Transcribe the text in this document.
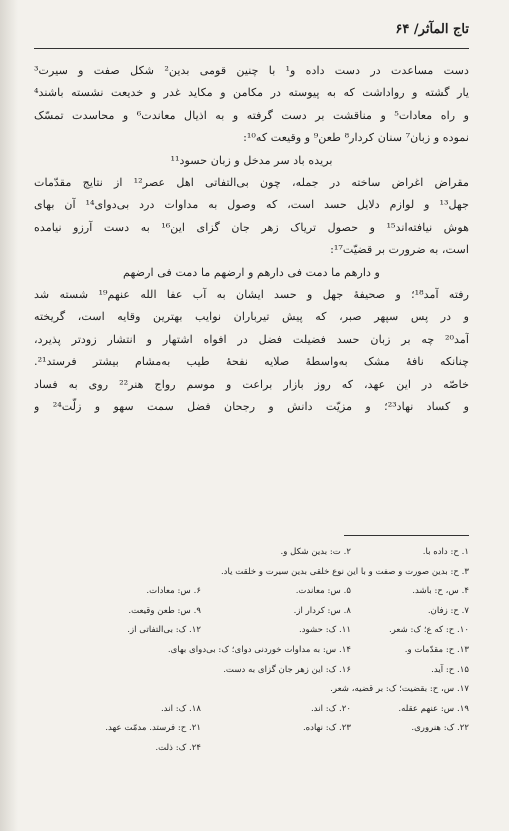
تاج المآثر/ ۶۴
دست مساعدت در دست داده و¹ با چنین قومی بدین² شکل صفت و سیرت³
یار گشته و رواداشت که به پیوسته در مکامن و مکاید غدر و خدیعت نشسته باشند⁴
و راه معادات⁵ و مناقشت بر دست گرفته و به اذیال معاندت⁶ و محاسدت تمسّک
نموده و زبان⁷ سنان کردار⁸ طعن⁹ و وقیعت که¹⁰:
بریده باد سر مدخل و زبان حسود¹¹
مقراض اغراض ساخته در جمله، چون بی‌التفاتی اهل عصر¹² از نتایج مقدّمات
جهل¹³ و لوازم دلایل حسد است، که وصول به مداوات درد بی‌دوای¹⁴ آن بهای
هوش نیافته‌اند¹⁵ و حصول تریاک زهر جان گزای این¹⁶ به دست آرزو نیامده
است، به ضرورت بر قضیّت¹⁷:
و دارهم ما دمت فی دارهم و ارضهم ما دمت فی ارضهم
رفته آمد¹⁸؛ و صحیفهٔ جهل و حسد ایشان به آب عفا الله عنهم¹⁹ شسته شد
و در پس سپهر صبر، که پیش تیرباران نوایب بهترین وقایه است، گریخته
آمد²⁰ چه بر زبان حسد فضیلت فضل در افواه اشتهار و انتشار زودتر پذیرد،
چنانکه نافهٔ مشک به‌واسطهٔ صلایه نفحهٔ طیب به‌مشام بیشتر فرستد²¹.
خاصّه در این عهد، که روز بازار براعت و موسم رواج هنر²² روی به فساد
و کساد نهاد²³؛ و مزیّت دانش و رجحان فضل سمت سهو و زلّت²⁴ و
۱. ح: داده با.
۲. ت: بدین شکل و.
۳. ح: بدین صورت و صفت و با این نوع خلقی بدین سیرت و خلقت یاد.
۴. س، ح: باشد.
۵. س: معاندت.
۶. س: معادات.
۷. ح: زفان.
۸. س: کردار از.
۹. س: طعن وقیعت.
۱۰. ح: که ع؛ ک: شعر.
۱۱. ک: حشود.
۱۲. ک: بی‌التفاتی از.
۱۳. ح: مقدّمات و.
۱۴. س: به مداوات خوردنی دوای؛ ک: بی‌دوای بهای.
۱۵. ح: آید.
۱۶. ک: این زهر جان گزای به دست.
۱۷. س، ح: بقضیت؛ ک: بر قضیه، شعر.
۱۹. س: عنهم عقله.
۲۰. ک: اند.
۱۸. ک: اند.
۲۲. ک: هنروری.
۲۳. ک: نهاده.
۲۱. ح: فرستد. مدمّت عهد.
۲۴. ک: ذلت.
